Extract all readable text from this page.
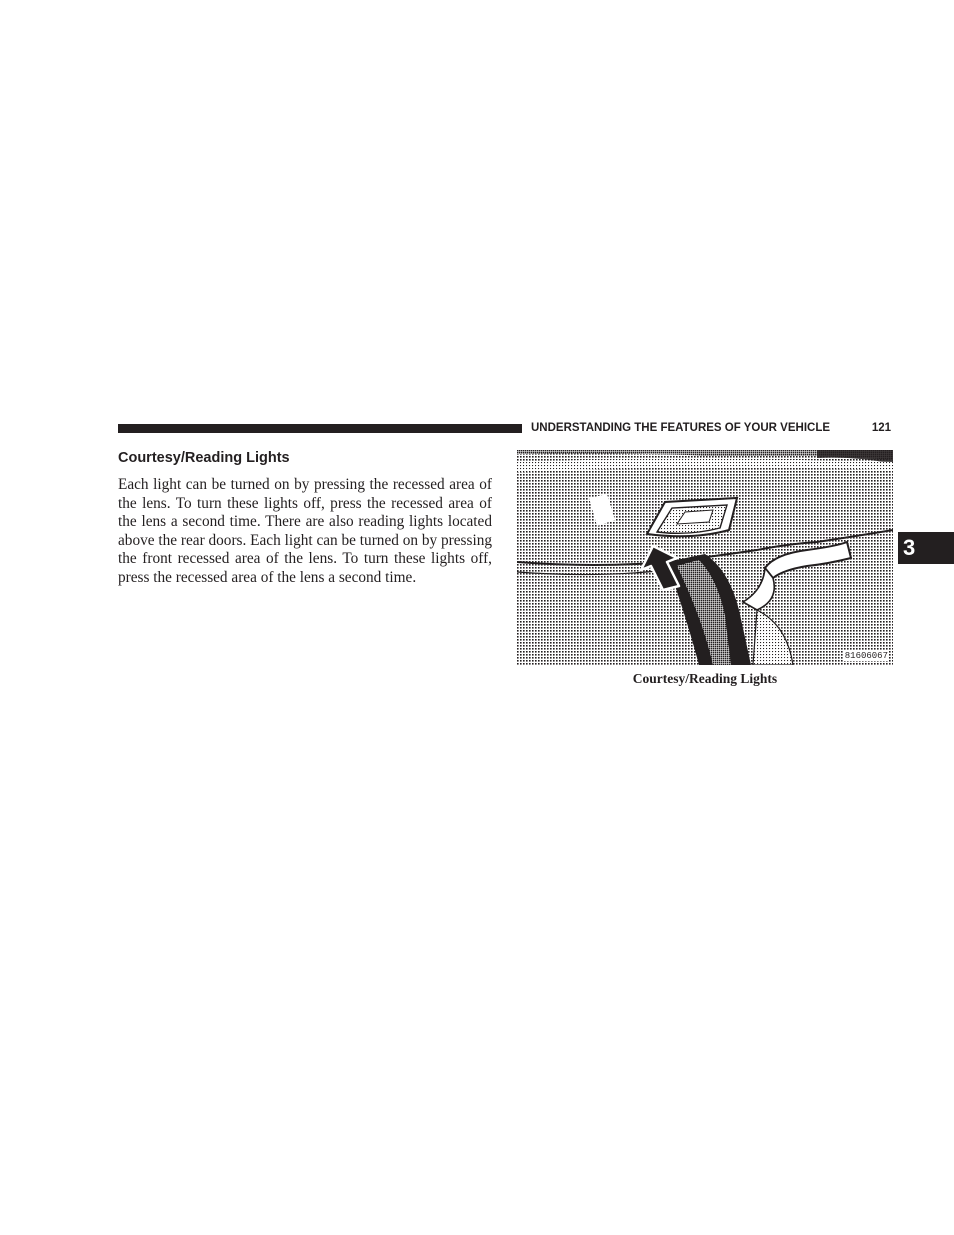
UNDERSTANDING THE FEATURES OF YOUR VEHICLE	121
Courtesy/Reading Lights

Each light can be turned on by pressing the recessed area of the lens. To turn these lights off, press the recessed area of the lens a second time. There are also reading lights located above the rear doors. Each light can be turned on by pressing the front recessed area of the lens. To turn these lights off, press the recessed area of the lens a second time.

81606067
Courtesy/Reading Lights
3
